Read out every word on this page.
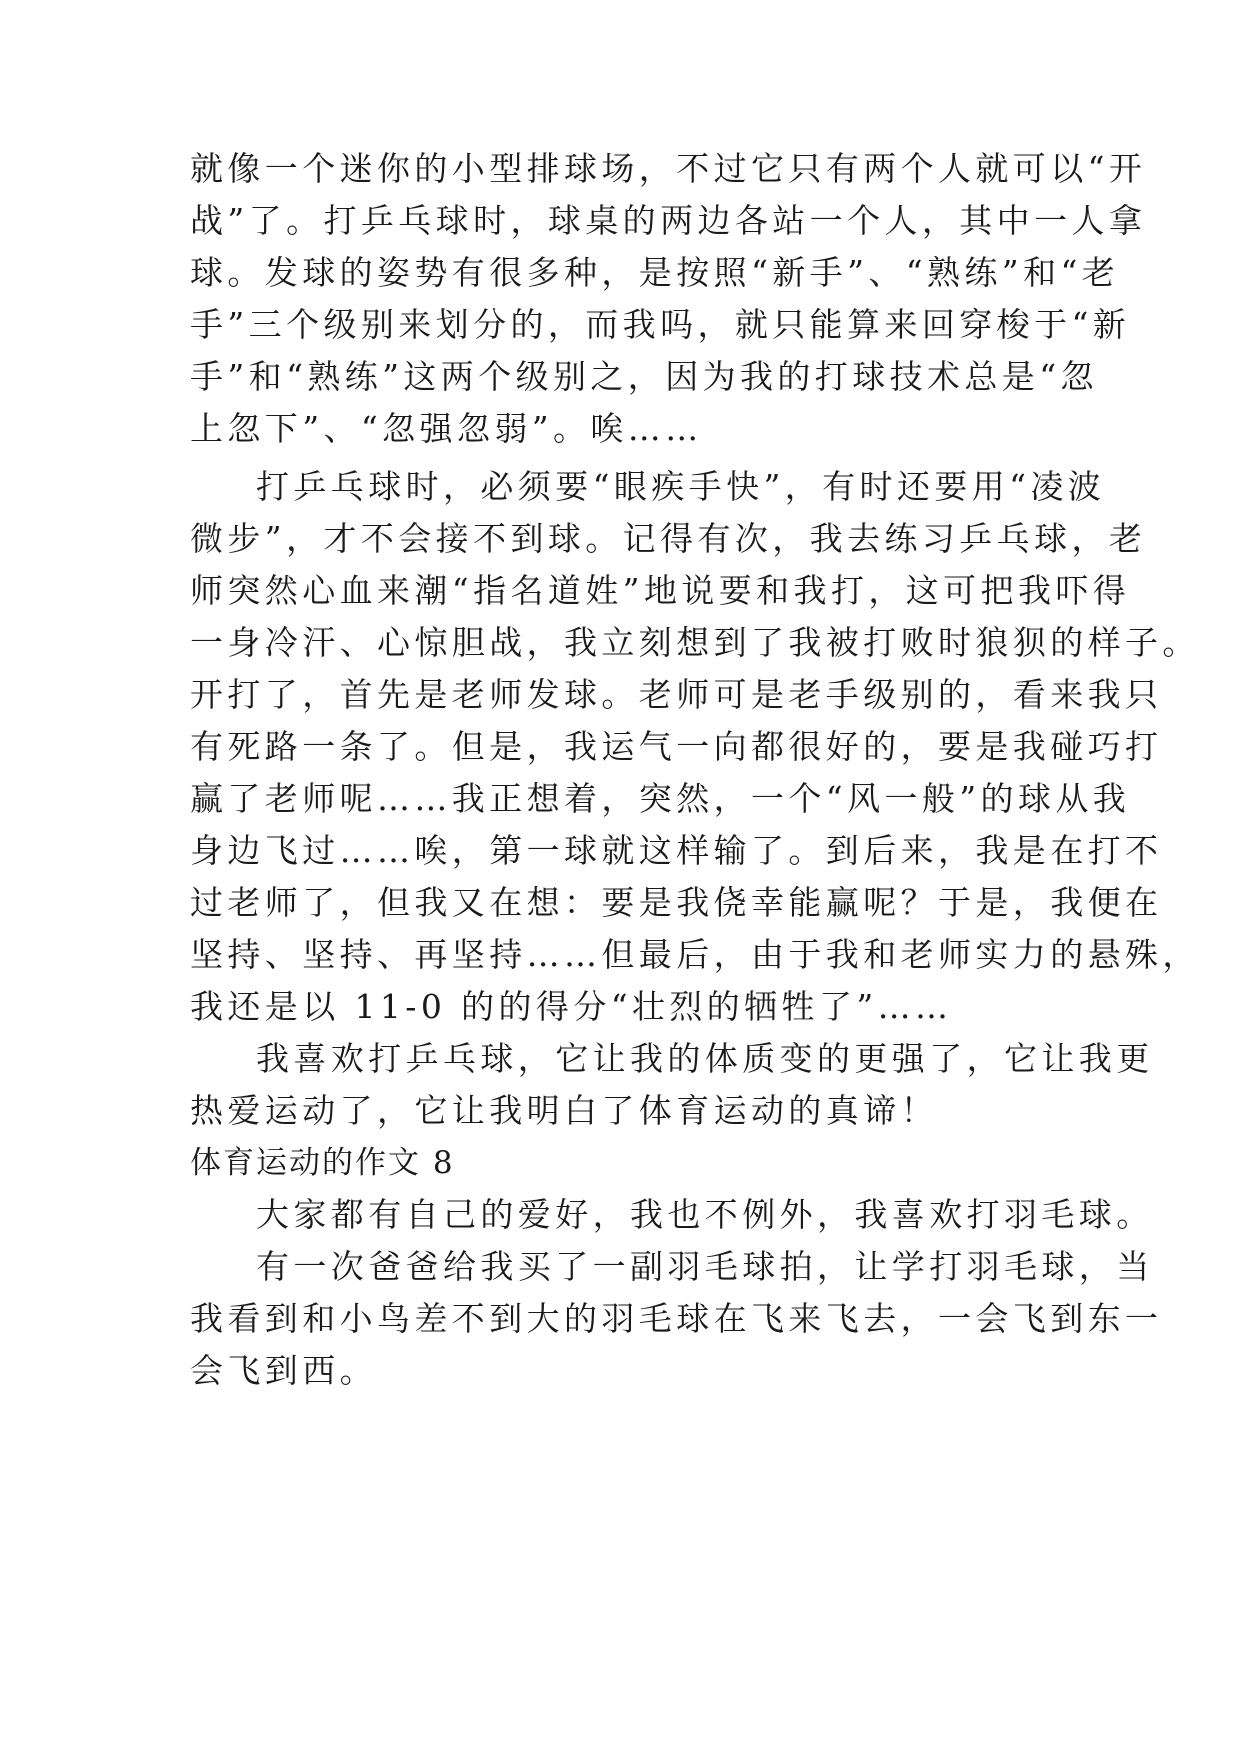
就像一个迷你的小型排球场，不过它只有两个人就可以“开
战”了。打乒乓球时，球桌的两边各站一个人，其中一人拿
球。发球的姿势有很多种，是按照“新手”、“熟练”和“老
手”三个级别来划分的，而我吗，就只能算来回穿梭于“新
手”和“熟练”这两个级别之，因为我的打球技术总是“忽
上忽下”、“忽强忽弱”。唉……
打乒乓球时，必须要“眼疾手快”，有时还要用“凌波
微步”，才不会接不到球。记得有次，我去练习乒乓球，老
师突然心血来潮“指名道姓”地说要和我打，这可把我吓得
一身冷汗、心惊胆战，我立刻想到了我被打败时狼狈的样子。
开打了，首先是老师发球。老师可是老手级别的，看来我只
有死路一条了。但是，我运气一向都很好的，要是我碰巧打
赢了老师呢……我正想着，突然，一个“风一般”的球从我
身边飞过……唉，第一球就这样输了。到后来，我是在打不
过老师了，但我又在想：要是我侥幸能赢呢？于是，我便在
坚持、坚持、再坚持……但最后，由于我和老师实力的悬殊，
我还是以 11-0 的的得分“壮烈的牺牲了”……
我喜欢打乒乓球，它让我的体质变的更强了，它让我更
热爱运动了，它让我明白了体育运动的真谛！
体育运动的作文 8
大家都有自己的爱好，我也不例外，我喜欢打羽毛球。
有一次爸爸给我买了一副羽毛球拍，让学打羽毛球，当
我看到和小鸟差不到大的羽毛球在飞来飞去，一会飞到东一
会飞到西。
